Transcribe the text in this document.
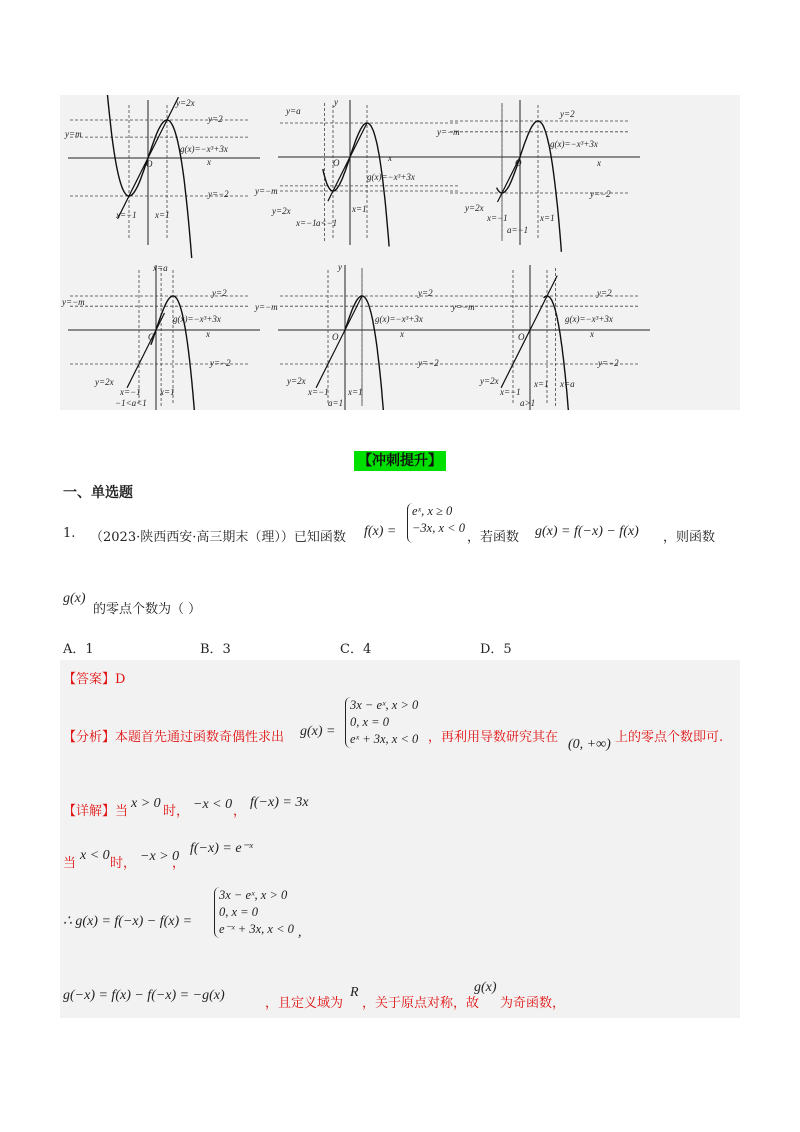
y=2x
y=2
y=m
g(x)=−x³+3x
O	x
y=−2
x=−1 x=1
y=a
y
y=−m
g(x)=−x³+3x
x
O
y=2x
x=−1 a<−1
x=1
y=−m
y=2
g(x)=−x³+3x
O	x
y=−2
y=2x
x=−1
a=−1
x=1
x=a
y=−m
y=2
g(x)=−x³+3x
O	x
y=−2
y=2x
x=−1
−1<a<1
x=1
y
y=2
y=−m
g(x)=−x³+3x
O	x
y=−2
y=2x
x=−1
a=1
x=1
y=2
y=−m
g(x)=−x³+3x
O	x
y=−2
y=2x
x=−1
x=1 x=a
a>1
【冲刺提升】
一、单选题
1. （2023·陕西西安·高三期末（理））已知函数 f(x) =
eˣ, x ≥ 0
−3x, x < 0
，若函数 g(x) = f(−x) − f(x) ，则函数
g(x)
的零点个数为（ ）
A．1	B．3	C．4	D．5
【答案】D
【分析】本题首先通过函数奇偶性求出 g(x) =
3x − eˣ, x > 0
0, x = 0
eˣ + 3x, x < 0 ，再利用导数研究其在 (0, +∞) 上的零点个数即可.
【详解】当
x > 0
时， −x < 0 ，
f(−x) = 3x
当
x < 0
时， −x > 0
，
f(−x) = e⁻ˣ
∴ g(x) = f(−x) − f(x) =
3x − eˣ, x > 0
0, x = 0
e⁻ˣ + 3x, x < 0 ,
g(−x) = f(x) − f(−x) = −g(x)
，且定义域为
R
，关于原点对称，故
g(x)
为奇函数，
